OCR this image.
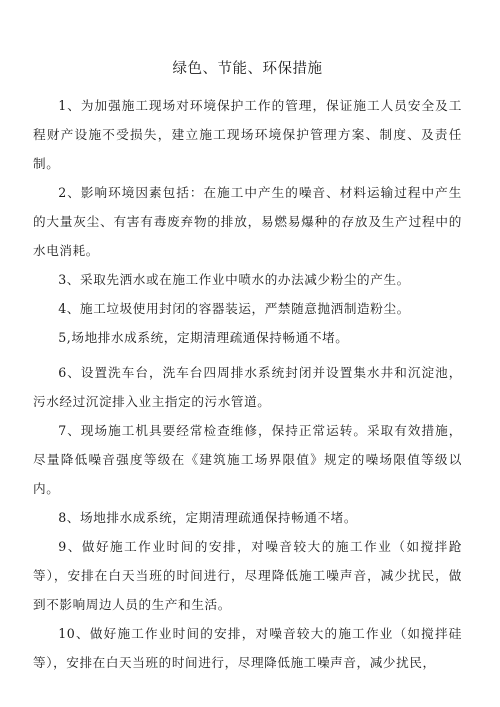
绿色、节能、环保措施

1、为加强施工现场对环境保护工作的管理，保证施工人员安全及工程财产设施不受损失，建立施工现场环境保护管理方案、制度、及责任制。

2、影响环境因素包括：在施工中产生的噪音、材料运输过程中产生的大量灰尘、有害有毒废弃物的排放，易燃易爆种的存放及生产过程中的水电消耗。

3、采取先洒水或在施工作业中喷水的办法减少粉尘的产生。

4、施工垃圾使用封闭的容器装运，严禁随意抛洒制造粉尘。

5,场地排水成系统，定期清理疏通保持畅通不堵。

6、设置洗车台，洗车台四周排水系统封闭并设置集水井和沉淀池，污水经过沉淀排入业主指定的污水管道。

7、现场施工机具要经常检查维修，保持正常运转。采取有效措施，尽量降低噪音强度等级在《建筑施工场界限值》规定的噪场限值等级以内。

8、场地排水成系统，定期清理疏通保持畅通不堵。

9、做好施工作业时间的安排，对噪音较大的施工作业（如搅拌跄等），安排在白天当班的时间进行，尽理降低施工噪声音，减少扰民，做到不影响周边人员的生产和生活。

10、做好施工作业时间的安排，对噪音较大的施工作业（如搅拌硅等），安排在白天当班的时间进行，尽理降低施工噪声音，减少扰民，
